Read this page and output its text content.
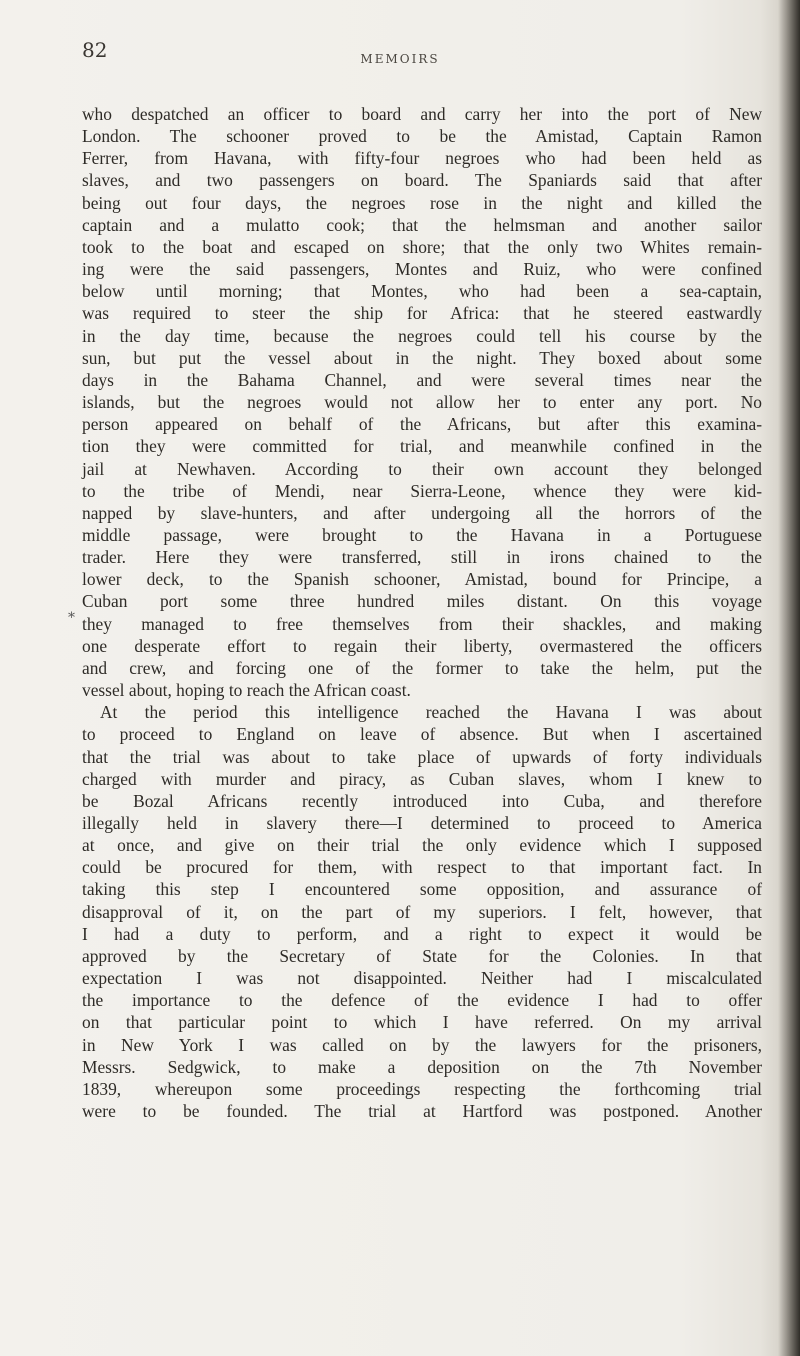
82	MEMOIRS
*
who despatched an officer to board and carry her into the port of New
London. The schooner proved to be the Amistad, Captain Ramon
Ferrer, from Havana, with fifty-four negroes who had been held as
slaves, and two passengers on board. The Spaniards said that after
being out four days, the negroes rose in the night and killed the
captain and a mulatto cook; that the helmsman and another sailor
took to the boat and escaped on shore; that the only two Whites remain-
ing were the said passengers, Montes and Ruiz, who were confined
below until morning; that Montes, who had been a sea-captain,
was required to steer the ship for Africa: that he steered eastwardly
in the day time, because the negroes could tell his course by the
sun, but put the vessel about in the night. They boxed about some
days in the Bahama Channel, and were several times near the
islands, but the negroes would not allow her to enter any port. No
person appeared on behalf of the Africans, but after this examina-
tion they were committed for trial, and meanwhile confined in the
jail at Newhaven. According to their own account they belonged
to the tribe of Mendi, near Sierra-Leone, whence they were kid-
napped by slave-hunters, and after undergoing all the horrors of the
middle passage, were brought to the Havana in a Portuguese
trader. Here they were transferred, still in irons chained to the
lower deck, to the Spanish schooner, Amistad, bound for Principe, a
Cuban port some three hundred miles distant. On this voyage
they managed to free themselves from their shackles, and making
one desperate effort to regain their liberty, overmastered the officers
and crew, and forcing one of the former to take the helm, put the
vessel about, hoping to reach the African coast.
At the period this intelligence reached the Havana I was about
to proceed to England on leave of absence. But when I ascertained
that the trial was about to take place of upwards of forty individuals
charged with murder and piracy, as Cuban slaves, whom I knew to
be Bozal Africans recently introduced into Cuba, and therefore
illegally held in slavery there—I determined to proceed to America
at once, and give on their trial the only evidence which I supposed
could be procured for them, with respect to that important fact. In
taking this step I encountered some opposition, and assurance of
disapproval of it, on the part of my superiors. I felt, however, that
I had a duty to perform, and a right to expect it would be
approved by the Secretary of State for the Colonies. In that
expectation I was not disappointed. Neither had I miscalculated
the importance to the defence of the evidence I had to offer
on that particular point to which I have referred. On my arrival
in New York I was called on by the lawyers for the prisoners,
Messrs. Sedgwick, to make a deposition on the 7th November
1839, whereupon some proceedings respecting the forthcoming trial
were to be founded. The trial at Hartford was postponed. Another
